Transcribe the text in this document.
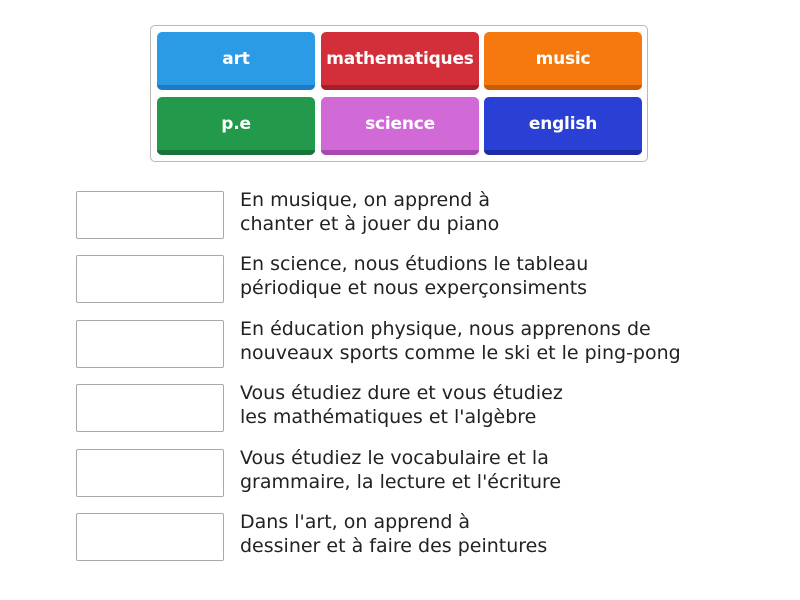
art	mathematiques	music
p.e	science	english
En musique, on apprend à
chanter et à jouer du piano
En science, nous étudions le tableau
périodique et nous experçonsiments
En éducation physique, nous apprenons de
nouveaux sports comme le ski et le ping-pong
Vous étudiez dure et vous étudiez
les mathématiques et l'algèbre
Vous étudiez le vocabulaire et la
grammaire, la lecture et l'écriture
Dans l'art, on apprend à
dessiner et à faire des peintures
